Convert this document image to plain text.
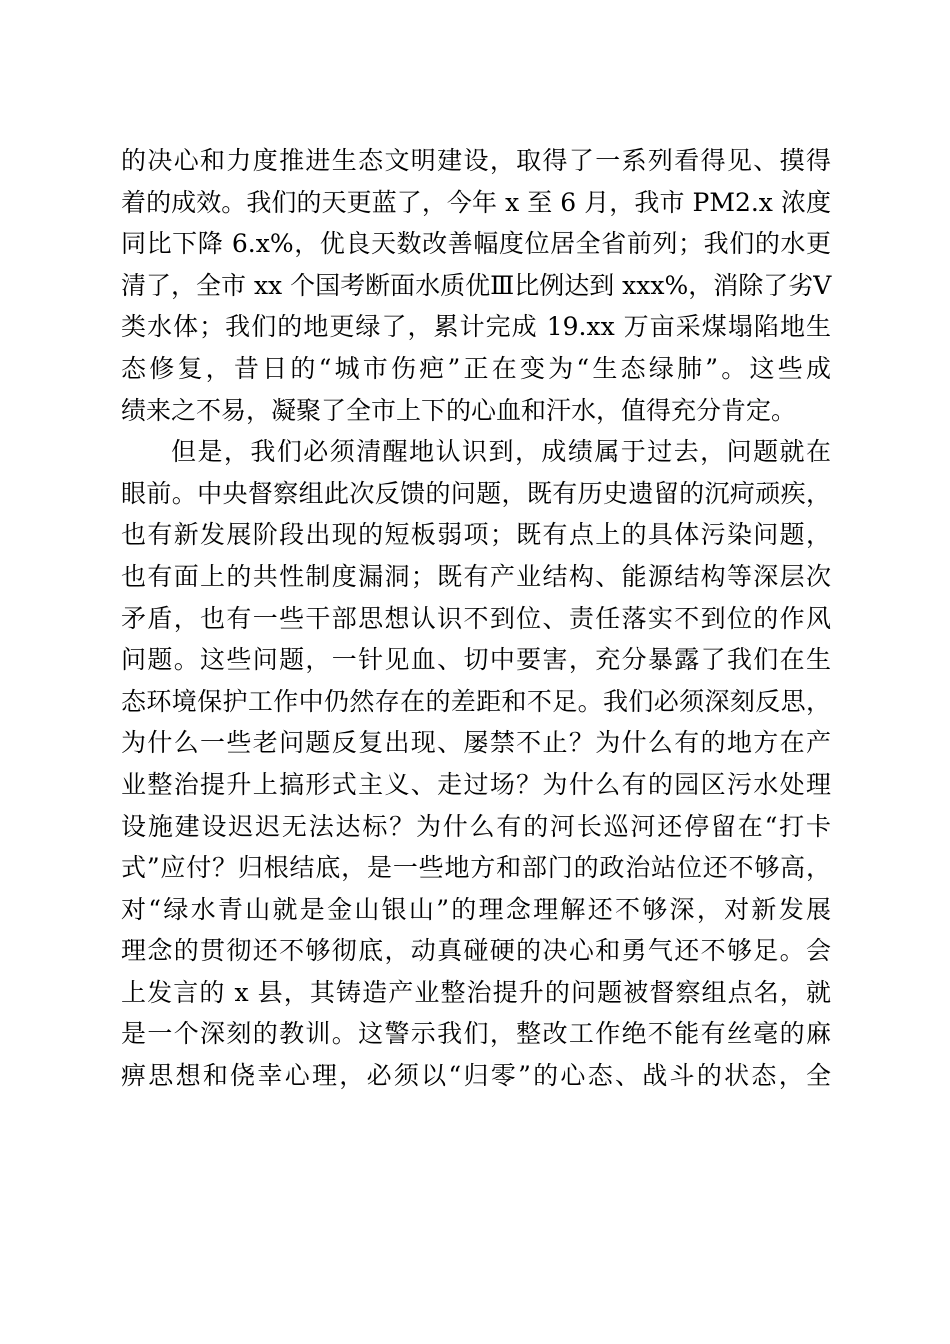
的决心和力度推进生态文明建设，取得了一系列看得见、摸得
着的成效。我们的天更蓝了，今年 x 至 6 月，我市 PM2.x 浓度
同比下降 6.x%，优良天数改善幅度位居全省前列；我们的水更
清了，全市 xx 个国考断面水质优Ⅲ比例达到 xxx%，消除了劣Ⅴ
类水体；我们的地更绿了，累计完成 19.xx 万亩采煤塌陷地生
态修复，昔日的“城市伤疤”正在变为“生态绿肺”。这些成
绩来之不易，凝聚了全市上下的心血和汗水，值得充分肯定。
但是，我们必须清醒地认识到，成绩属于过去，问题就在
眼前。中央督察组此次反馈的问题，既有历史遗留的沉疴顽疾，
也有新发展阶段出现的短板弱项；既有点上的具体污染问题，
也有面上的共性制度漏洞；既有产业结构、能源结构等深层次
矛盾，也有一些干部思想认识不到位、责任落实不到位的作风
问题。这些问题，一针见血、切中要害，充分暴露了我们在生
态环境保护工作中仍然存在的差距和不足。我们必须深刻反思，
为什么一些老问题反复出现、屡禁不止？为什么有的地方在产
业整治提升上搞形式主义、走过场？为什么有的园区污水处理
设施建设迟迟无法达标？为什么有的河长巡河还停留在“打卡
式”应付？归根结底，是一些地方和部门的政治站位还不够高，
对“绿水青山就是金山银山”的理念理解还不够深，对新发展
理念的贯彻还不够彻底，动真碰硬的决心和勇气还不够足。会
上发言的 x 县，其铸造产业整治提升的问题被督察组点名，就
是一个深刻的教训。这警示我们，整改工作绝不能有丝毫的麻
痹思想和侥幸心理，必须以“归零”的心态、战斗的状态，全
